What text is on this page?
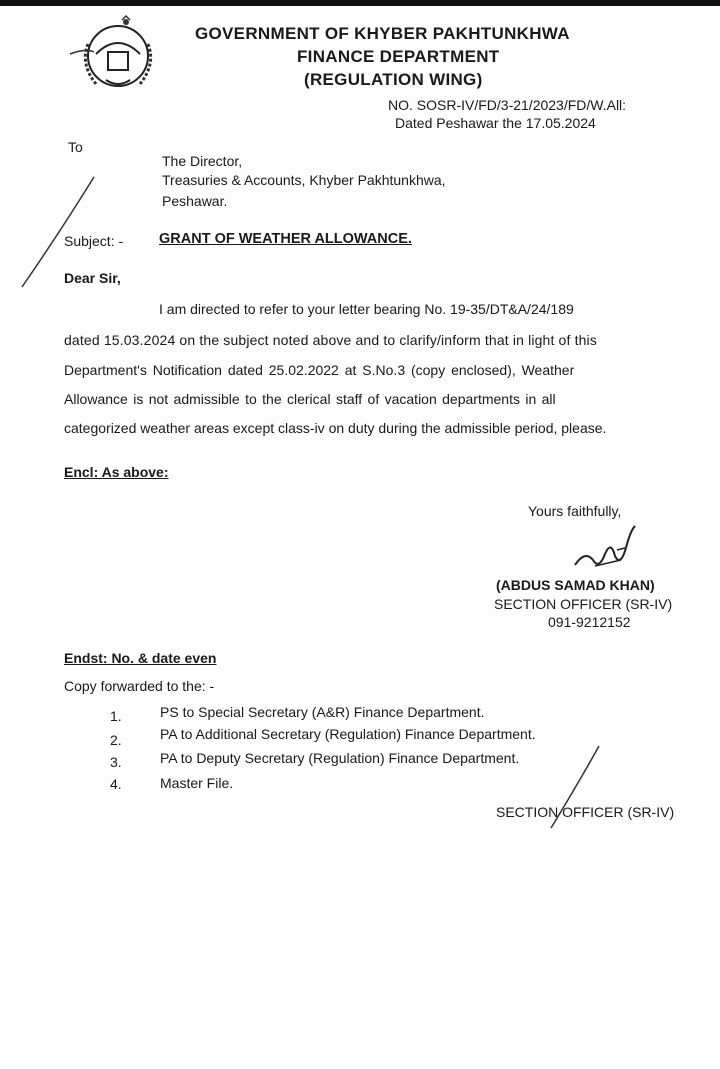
GOVERNMENT OF KHYBER PAKHTUNKHWA
FINANCE DEPARTMENT
(REGULATION WING)
NO. SOSR-IV/FD/3-21/2023/FD/W.All:
Dated Peshawar the 17.05.2024
To
The Director,
Treasuries & Accounts, Khyber Pakhtunkhwa,
Peshawar.
Subject: - GRANT OF WEATHER ALLOWANCE.
Dear Sir,
I am directed to refer to your letter bearing No. 19-35/DT&A/24/189
dated 15.03.2024 on the subject noted above and to clarify/inform that in light of this
Department's Notification dated 25.02.2022 at S.No.3 (copy enclosed), Weather
Allowance is not admissible to the clerical staff of vacation departments in all
categorized weather areas except class-iv on duty during the admissible period, please.
Encl: As above:
Yours faithfully,
(ABDUS SAMAD KHAN)
SECTION OFFICER (SR-IV)
091-9212152
Endst: No. & date even
Copy forwarded to the: -
1.	PS to Special Secretary (A&R) Finance Department.
2.	PA to Additional Secretary (Regulation) Finance Department.
3.	PA to Deputy Secretary (Regulation) Finance Department.
4.	Master File.
SECTION OFFICER (SR-IV)
